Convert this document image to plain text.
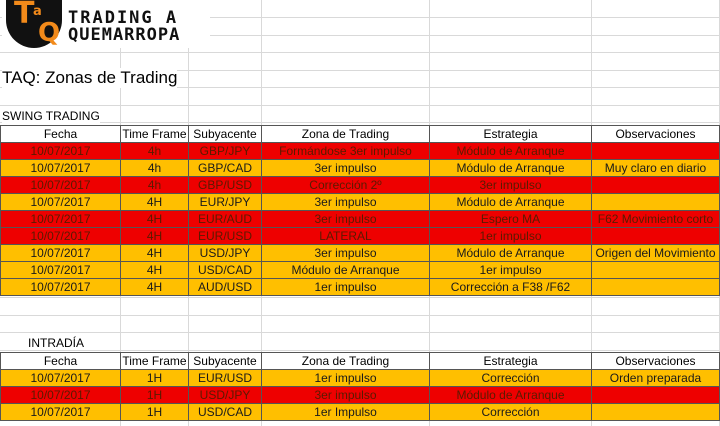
T
a
Q TRADING A
QUEMARROPA
TAQ: Zonas de Trading
SWING TRADING
Fecha	Time Frame	Subyacente	Zona de Trading	Estrategia	Observaciones
10/07/2017	4h	GBP/JPY	Formándose 3er impulso	Módulo de Arranque	
10/07/2017	4h	GBP/CAD	3er impulso	Módulo de Arranque	Muy claro en diario
10/07/2017	4h	GBP/USD	Corrección 2º	3er impulso	
10/07/2017	4H	EUR/JPY	3er impulso	Módulo de Arranque	
10/07/2017	4H	EUR/AUD	3er impulso	Espero MA	F62 Movimiento corto
10/07/2017	4H	EUR/USD	LATERAL	1er impulso	
10/07/2017	4H	USD/JPY	3er impulso	Módulo de Arranque	Origen del Movimiento
10/07/2017	4H	USD/CAD	Módulo de Arranque	1er impulso	
10/07/2017	4H	AUD/USD	1er impulso	Corrección a F38 /F62	
INTRADÍA
Fecha	Time Frame	Subyacente	Zona de Trading	Estrategia	Observaciones
10/07/2017	1H	EUR/USD	1er impulso	Corrección	Orden preparada
10/07/2017	1H	USD/JPY	3er impulso	Módulo de Arranque	
10/07/2017	1H	USD/CAD	1er Impulso	Corrección	
